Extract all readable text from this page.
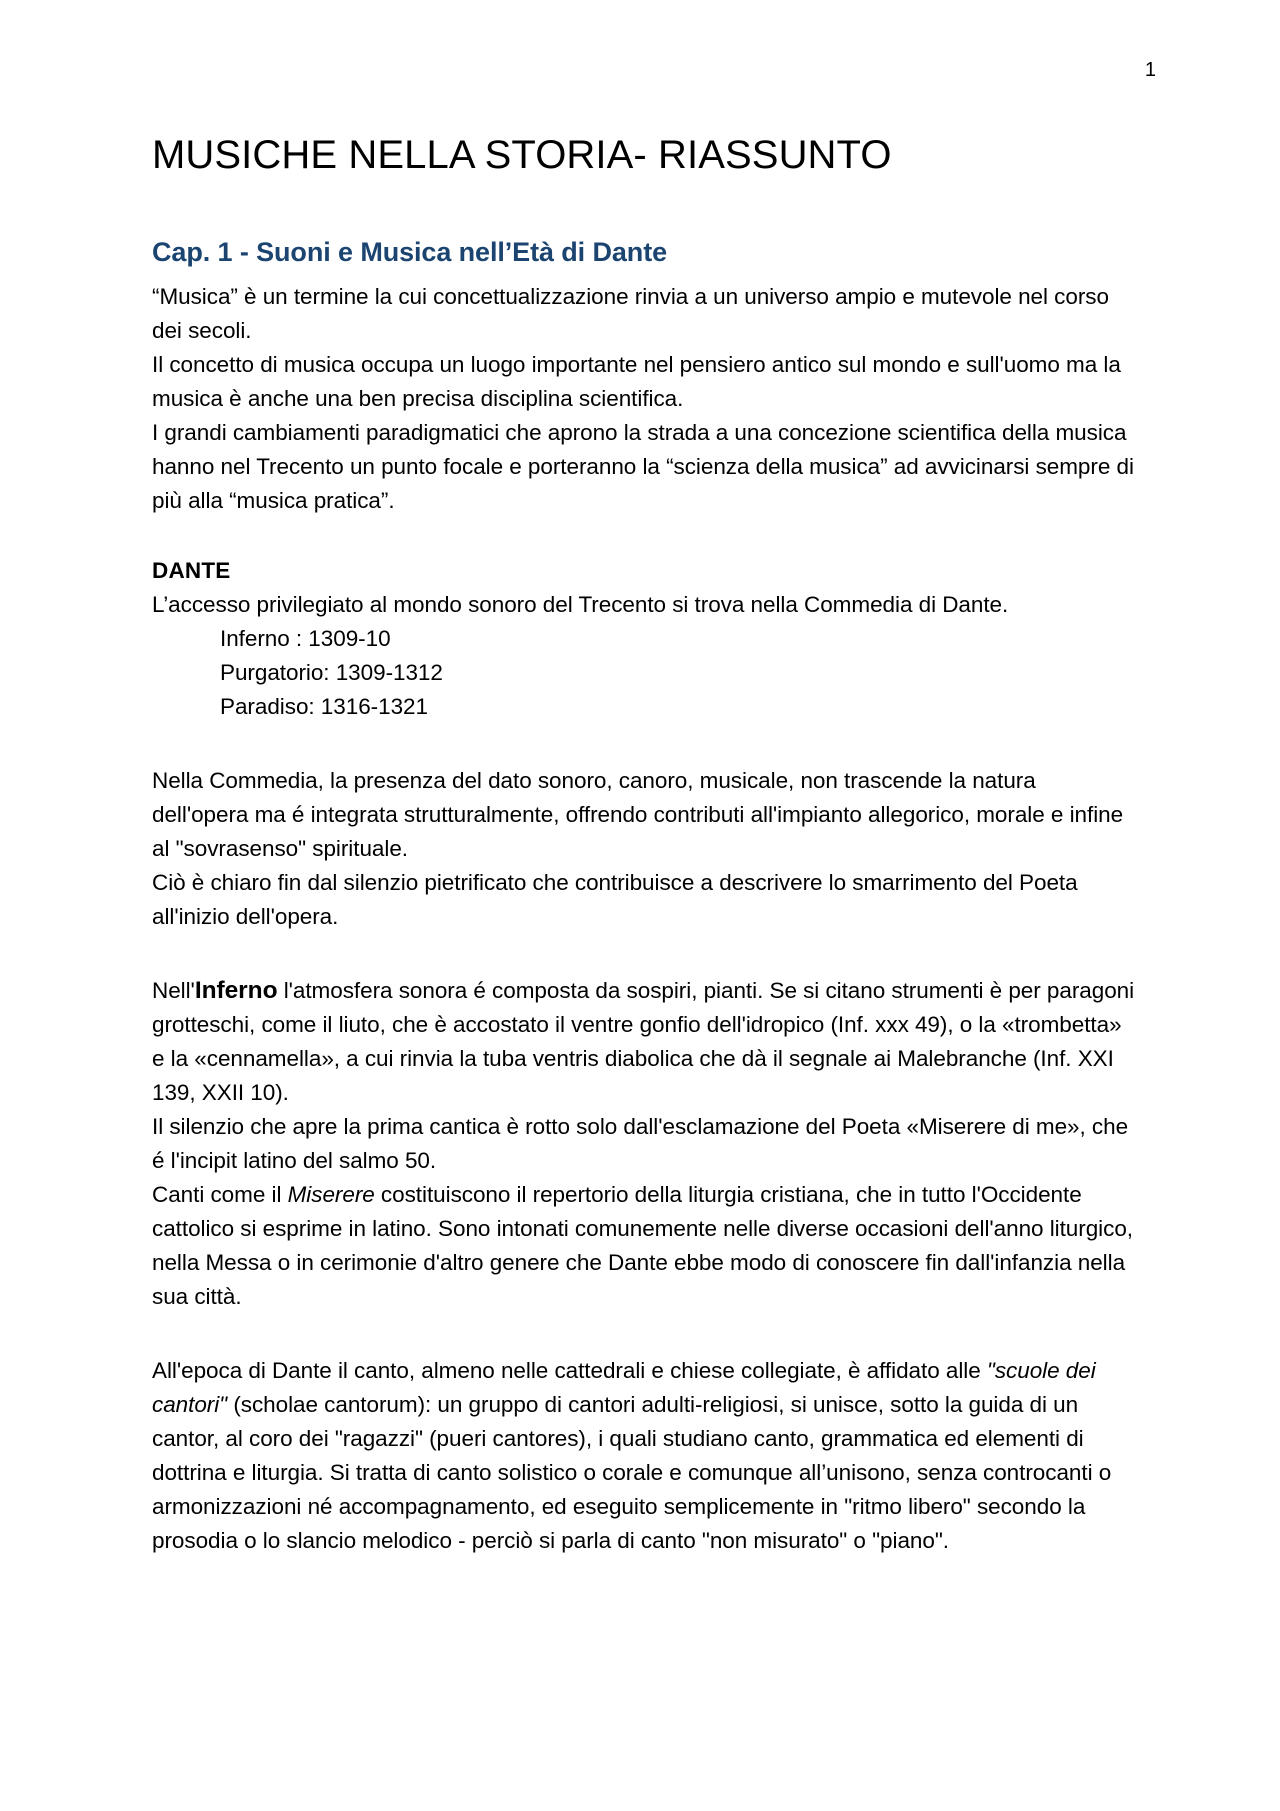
1
MUSICHE NELLA STORIA- RIASSUNTO
Cap. 1 - Suoni e Musica nell’Età di Dante

“Musica” è un termine la cui concettualizzazione rinvia a un universo ampio e mutevole nel corso dei secoli.

Il concetto di musica occupa un luogo importante nel pensiero antico sul mondo e sull'uomo ma la musica è anche una ben precisa disciplina scientifica.

I grandi cambiamenti paradigmatici che aprono la strada a una concezione scientifica della musica hanno nel Trecento un punto focale e porteranno la “scienza della musica” ad avvicinarsi sempre di più alla “musica pratica”.

DANTE

L’accesso privilegiato al mondo sonoro del Trecento si trova nella Commedia di Dante.

Inferno : 1309-10
Purgatorio: 1309-1312
Paradiso: 1316-1321

Nella Commedia, la presenza del dato sonoro, canoro, musicale, non trascende la natura dell'opera ma é integrata strutturalmente, offrendo contributi all'impianto allegorico, morale e infine al "sovrasenso" spirituale.

Ciò è chiaro fin dal silenzio pietrificato che contribuisce a descrivere lo smarrimento del Poeta all'inizio dell'opera.

Nell'Inferno l'atmosfera sonora é composta da sospiri, pianti. Se si citano strumenti è per paragoni grotteschi, come il liuto, che è accostato il ventre gonfio dell'idropico (Inf. xxx 49), o la «trombetta» e la «cennamella», a cui rinvia la tuba ventris diabolica che dà il segnale ai Malebranche (Inf. XXI 139, XXII 10).

Il silenzio che apre la prima cantica è rotto solo dall'esclamazione del Poeta «Miserere di me», che é l'incipit latino del salmo 50.

Canti come il Miserere costituiscono il repertorio della liturgia cristiana, che in tutto l'Occidente cattolico si esprime in latino. Sono intonati comunemente nelle diverse occasioni dell'anno liturgico, nella Messa o in cerimonie d'altro genere che Dante ebbe modo di conoscere fin dall'infanzia nella sua città.

All'epoca di Dante il canto, almeno nelle cattedrali e chiese collegiate, è affidato alle "scuole dei cantori" (scholae cantorum): un gruppo di cantori adulti-religiosi, si unisce, sotto la guida di un cantor, al coro dei "ragazzi" (pueri cantores), i quali studiano canto, grammatica ed elementi di dottrina e liturgia. Si tratta di canto solistico o corale e comunque all’unisono, senza controcanti o armonizzazioni né accompagnamento, ed eseguito semplicemente in "ritmo libero" secondo la prosodia o lo slancio melodico - perciò si parla di canto "non misurato" o "piano".
